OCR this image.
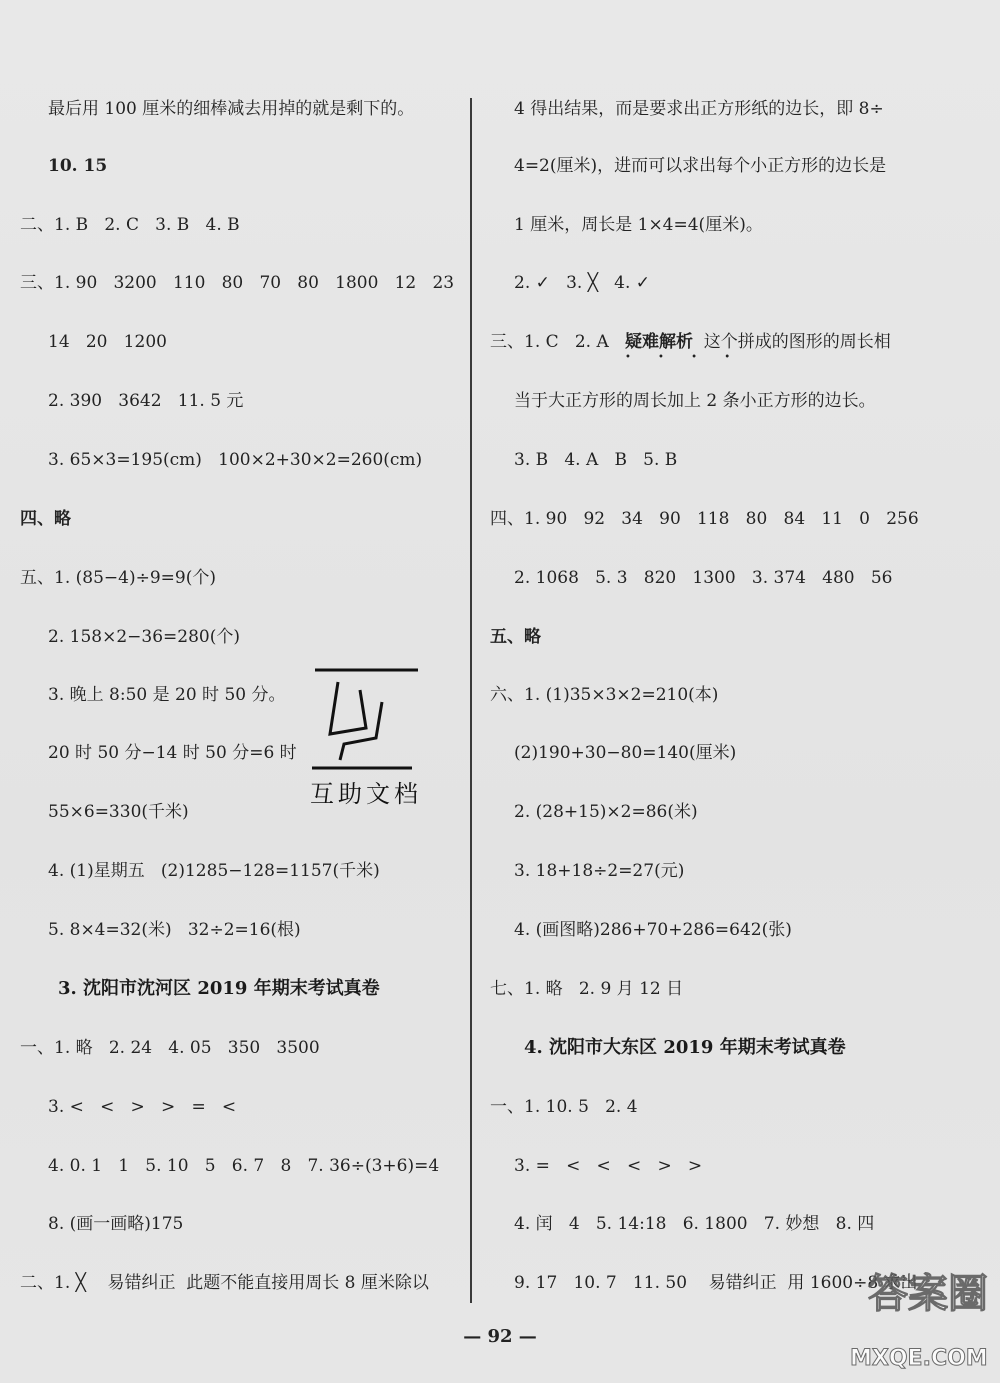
最后用 100 厘米的细棒减去用掉的就是剩下的。
10. 15
二、1. B   2. C   3. B   4. B
三、1. 90   3200   110   80   70   80   1800   12   23
14   20   1200
2. 390   3642   11. 5 元
3. 65×3=195(cm)   100×2+30×2=260(cm)
四、略
五、1. (85−4)÷9=9(个)
2. 158×2−36=280(个)
3. 晚上 8:50 是 20 时 50 分。
20 时 50 分−14 时 50 分=6 时
55×6=330(千米)
4. (1)星期五   (2)1285−128=1157(千米)
5. 8×4=32(米)   32÷2=16(根)
3. 沈阳市沈河区 2019 年期末考试真卷
一、1. 略   2. 24   4. 05   350   3500
3. <   <   >   >   =   <
4. 0. 1   1   5. 10   5   6. 7   8   7. 36÷(3+6)=4
8. (画一画略)175
二、1. ╳    易错纠正  此题不能直接用周长 8 厘米除以
4 得出结果，而是要求出正方形纸的边长，即 8÷
4=2(厘米)，进而可以求出每个小正方形的边长是
1 厘米，周长是 1×4=4(厘米)。
2. ✓   3. ╳   4. ✓
三、1. C   2. A   疑难解析
• • • •
这个拼成的图形的周长相
当于大正方形的周长加上 2 条小正方形的边长。
3. B   4. A   B   5. B
四、1. 90   92   34   90   118   80   84   11   0   256
2. 1068   5. 3   820   1300   3. 374   480   56
五、略
六、1. (1)35×3×2=210(本)
(2)190+30−80=140(厘米)
2. (28+15)×2=86(米)
3. 18+18÷2=27(元)
4. (画图略)286+70+286=642(张)
七、1. 略   2. 9 月 12 日
4. 沈阳市大东区 2019 年期末考试真卷
一、1. 10. 5   2. 4
3. =   <   <   <   >   >
4. 闰   4   5. 14:18   6. 1800   7. 妙想   8. 四
9. 17   10. 7   11. 50    易错纠正  用 1600÷8 求出
互助文档
— 92 —
答案圈
MXQE.COM
